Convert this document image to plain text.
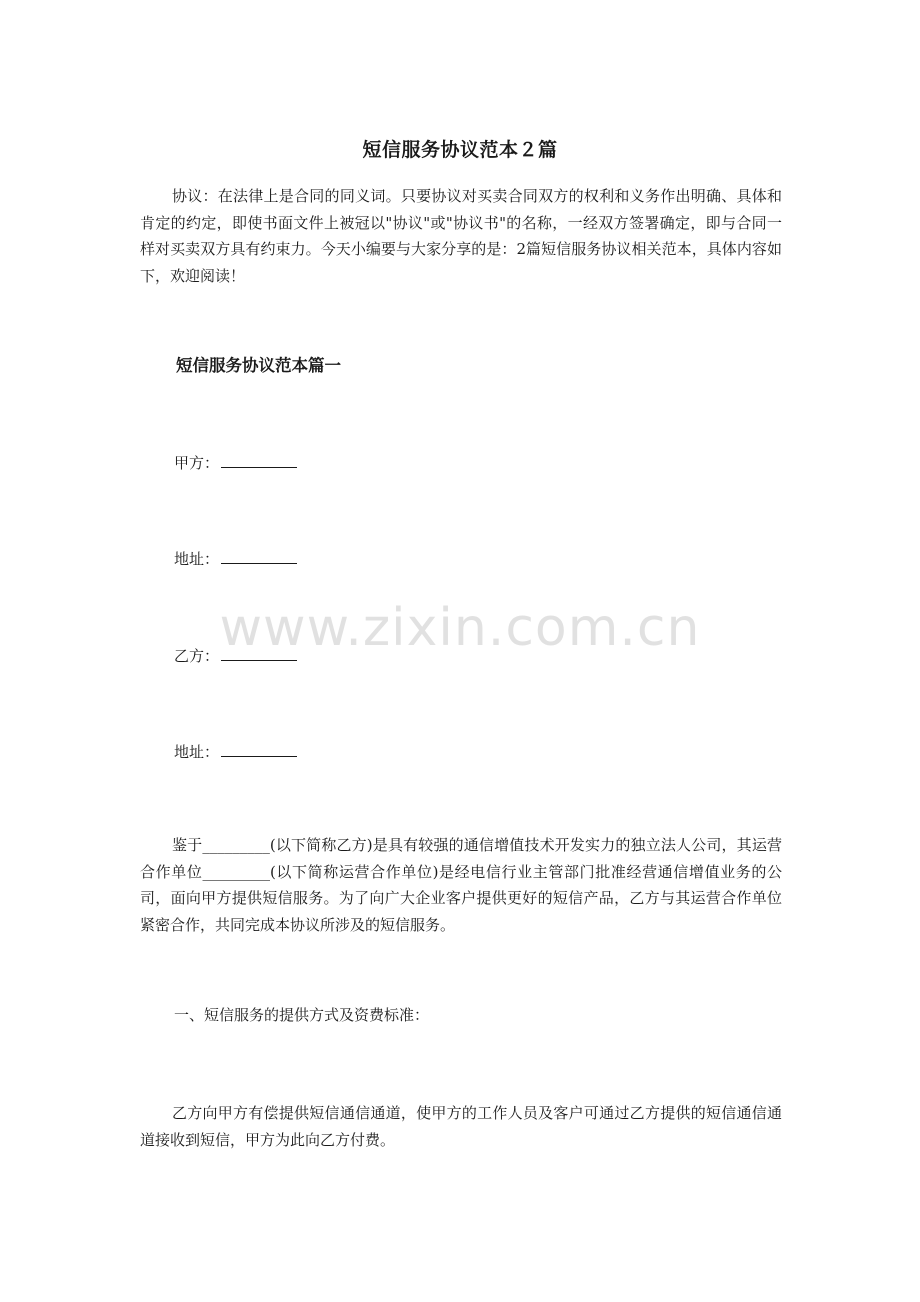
短信服务协议范本２篇

协议：在法律上是合同的同义词。只要协议对买卖合同双方的权利和义务作出明确、具体和肯定的约定，即使书面文件上被冠以"协议"或"协议书"的名称，一经双方签署确定，即与合同一样对买卖双方具有约束力。今天小编要与大家分享的是：2篇短信服务协议相关范本，具体内容如下，欢迎阅读！

短信服务协议范本篇一

甲方：

地址：

乙方：

地址：

鉴于_________(以下简称乙方)是具有较强的通信增值技术开发实力的独立法人公司，其运营合作单位_________(以下简称运营合作单位)是经电信行业主管部门批准经营通信增值业务的公司，面向甲方提供短信服务。为了向广大企业客户提供更好的短信产品，乙方与其运营合作单位紧密合作，共同完成本协议所涉及的短信服务。

一、短信服务的提供方式及资费标准：

乙方向甲方有偿提供短信通信通道，使甲方的工作人员及客户可通过乙方提供的短信通信通道接收到短信，甲方为此向乙方付费。

www.zixin.com.cn
